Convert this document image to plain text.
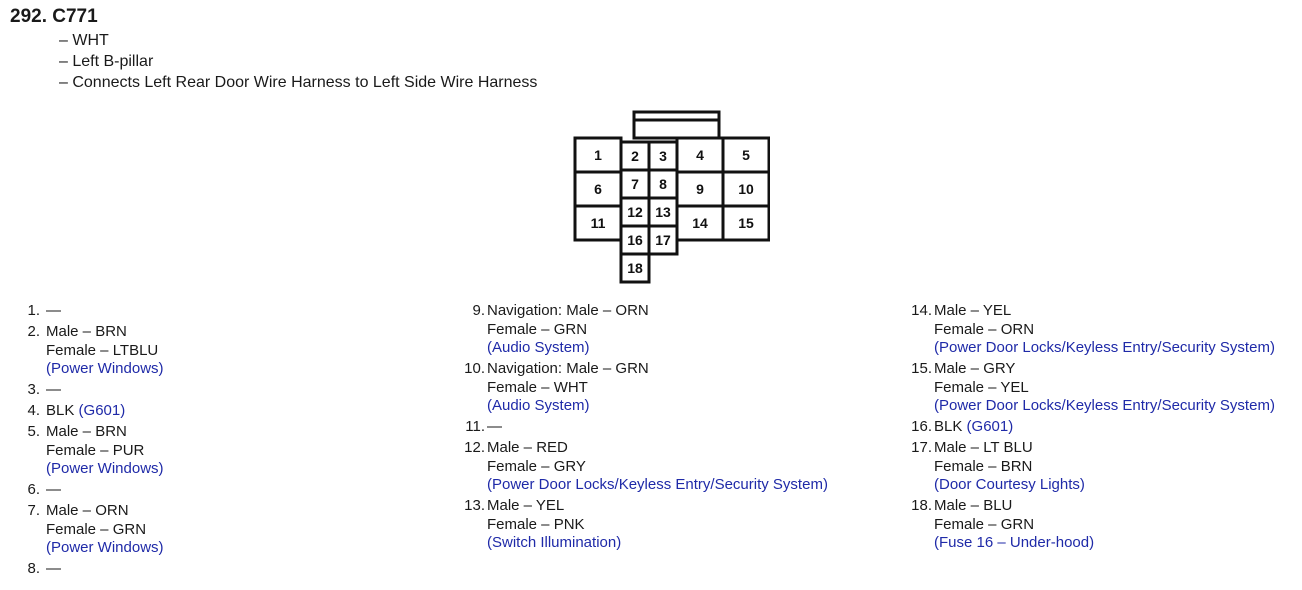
292. C771
– WHT
– Left B-pillar
– Connects Left Rear Door Wire Harness to Left Side Wire Harness
1 2 3 4	5
6 7 8 9 10
11
12 13
14 15
16 17
18
1. —
2. Male – BRN
Female – LTBLU
(Power Windows)
3. —
4. BLK (G601)
5. Male – BRN
Female – PUR
(Power Windows)
6. —
7. Male – ORN
Female – GRN
(Power Windows)
8. —
9. Navigation: Male – ORN
Female – GRN
(Audio System)
10. Navigation: Male – GRN
Female – WHT
(Audio System)
11. —
12. Male – RED
Female – GRY
(Power Door Locks/Keyless Entry/Security System)
13. Male – YEL
Female – PNK
(Switch Illumination)
14. Male – YEL
Female – ORN
(Power Door Locks/Keyless Entry/Security System)
15. Male – GRY
Female – YEL
(Power Door Locks/Keyless Entry/Security System)
16. BLK (G601)
17. Male – LT BLU
Female – BRN
(Door Courtesy Lights)
18. Male – BLU
Female – GRN
(Fuse 16 – Under-hood)
